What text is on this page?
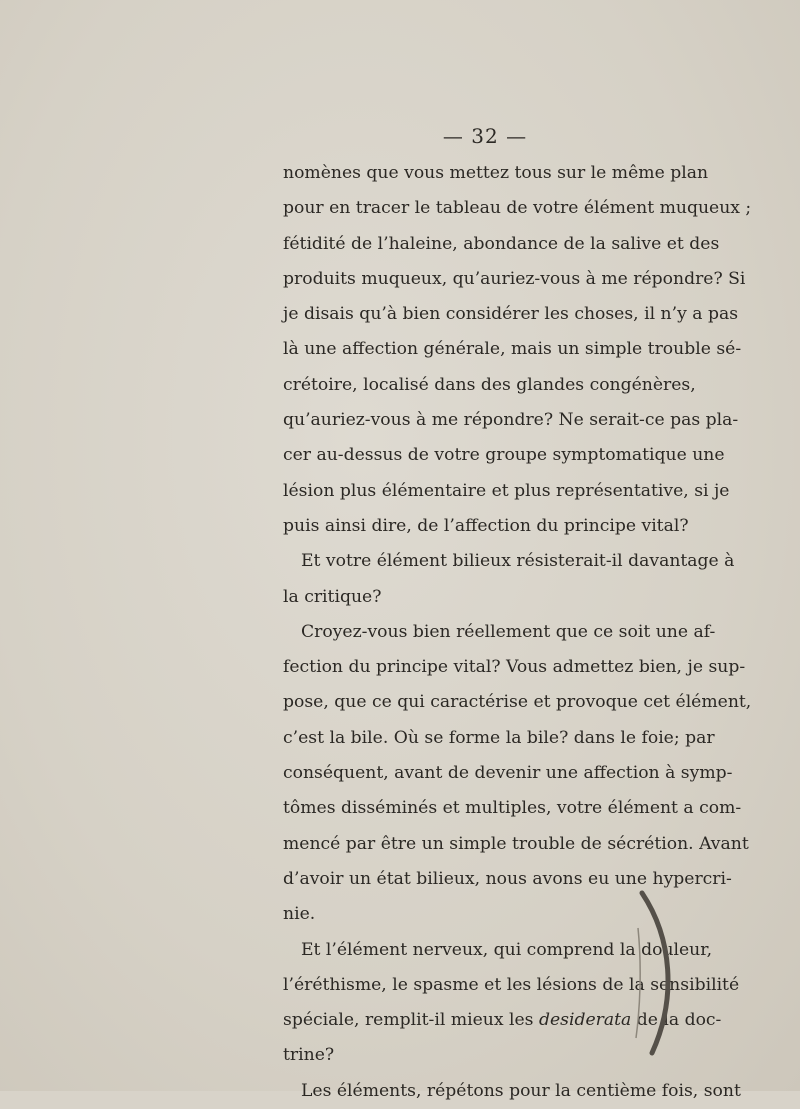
— 32 —
nomènes que vous mettez tous sur le même plan
pour en tracer le tableau de votre élément muqueux ;
fétidité de l’haleine, abondance de la salive et des
produits muqueux, qu’auriez-vous à me répondre? Si
je disais qu’à bien considérer les choses, il n’y a pas
là une affection générale, mais un simple trouble sé-
crétoire, localisé dans des glandes congénères,
qu’auriez-vous à me répondre? Ne serait-ce pas pla-
cer au-dessus de votre groupe symptomatique une
lésion plus élémentaire et plus représentative, si je
puis ainsi dire, de l’affection du principe vital?
Et votre élément bilieux résisterait-il davantage à
la critique?
Croyez-vous bien réellement que ce soit une af-
fection du principe vital? Vous admettez bien, je sup-
pose, que ce qui caractérise et provoque cet élément,
c’est la bile. Où se forme la bile? dans le foie; par
conséquent, avant de devenir une affection à symp-
tômes disséminés et multiples, votre élément a com-
mencé par être un simple trouble de sécrétion. Avant
d’avoir un état bilieux, nous avons eu une hypercri-
nie.
Et l’élément nerveux, qui comprend la douleur,
l’éréthisme, le spasme et les lésions de la sensibilité
spéciale, remplit-il mieux les desiderata de la doc-
trine?
Les éléments, répétons pour la centième fois, sont
